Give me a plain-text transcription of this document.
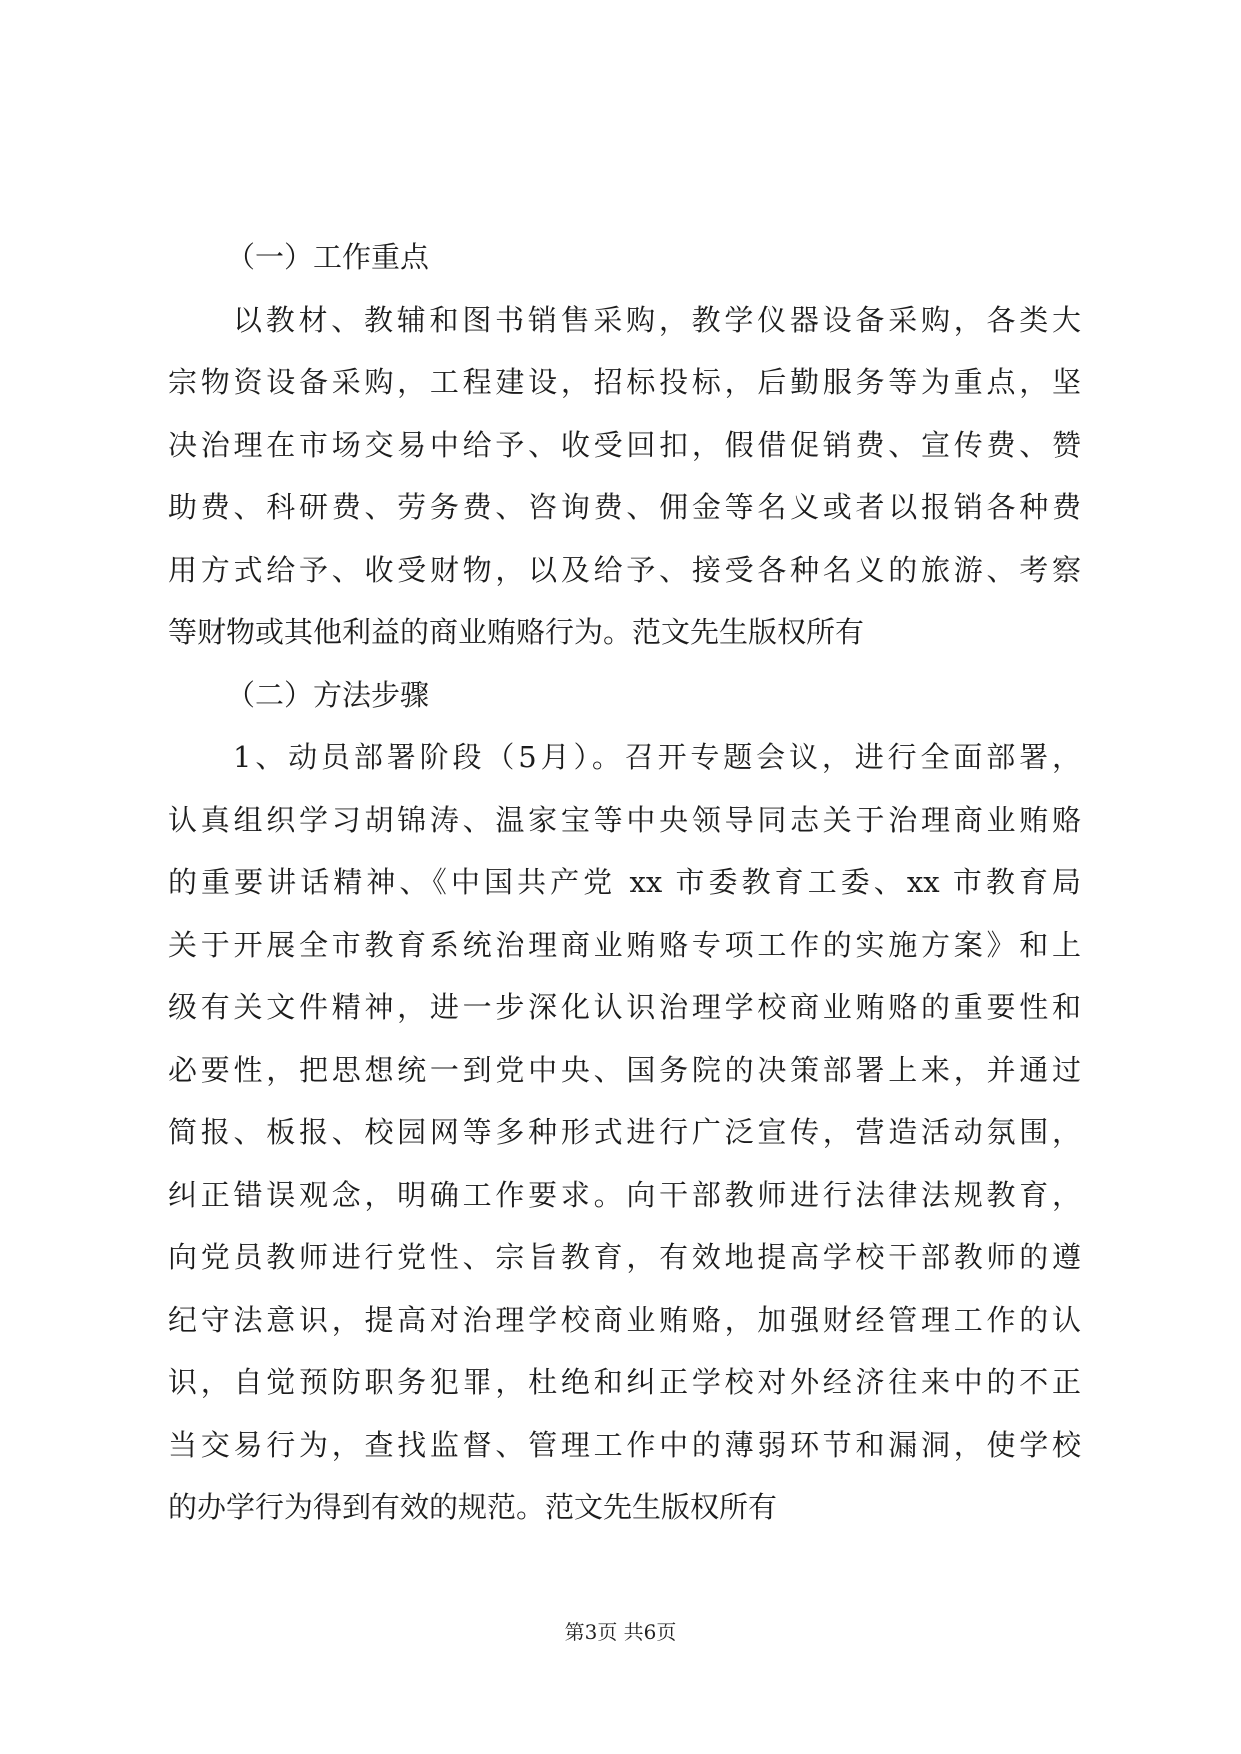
（一）工作重点
以教材、教辅和图书销售采购，教学仪器设备采购，各类大
宗物资设备采购，工程建设，招标投标，后勤服务等为重点，坚
决治理在市场交易中给予、收受回扣，假借促销费、宣传费、赞
助费、科研费、劳务费、咨询费、佣金等名义或者以报销各种费
用方式给予、收受财物，以及给予、接受各种名义的旅游、考察
等财物或其他利益的商业贿赂行为。范文先生版权所有
（二）方法步骤
1、动员部署阶段（5月）。召开专题会议，进行全面部署，
认真组织学习胡锦涛、温家宝等中央领导同志关于治理商业贿赂
的重要讲话精神、《中国共产党 xx 市委教育工委、xx 市教育局
关于开展全市教育系统治理商业贿赂专项工作的实施方案》和上
级有关文件精神，进一步深化认识治理学校商业贿赂的重要性和
必要性，把思想统一到党中央、国务院的决策部署上来，并通过
简报、板报、校园网等多种形式进行广泛宣传，营造活动氛围，
纠正错误观念，明确工作要求。向干部教师进行法律法规教育，
向党员教师进行党性、宗旨教育，有效地提高学校干部教师的遵
纪守法意识，提高对治理学校商业贿赂，加强财经管理工作的认
识，自觉预防职务犯罪，杜绝和纠正学校对外经济往来中的不正
当交易行为，查找监督、管理工作中的薄弱环节和漏洞，使学校
的办学行为得到有效的规范。范文先生版权所有
第3页 共6页
